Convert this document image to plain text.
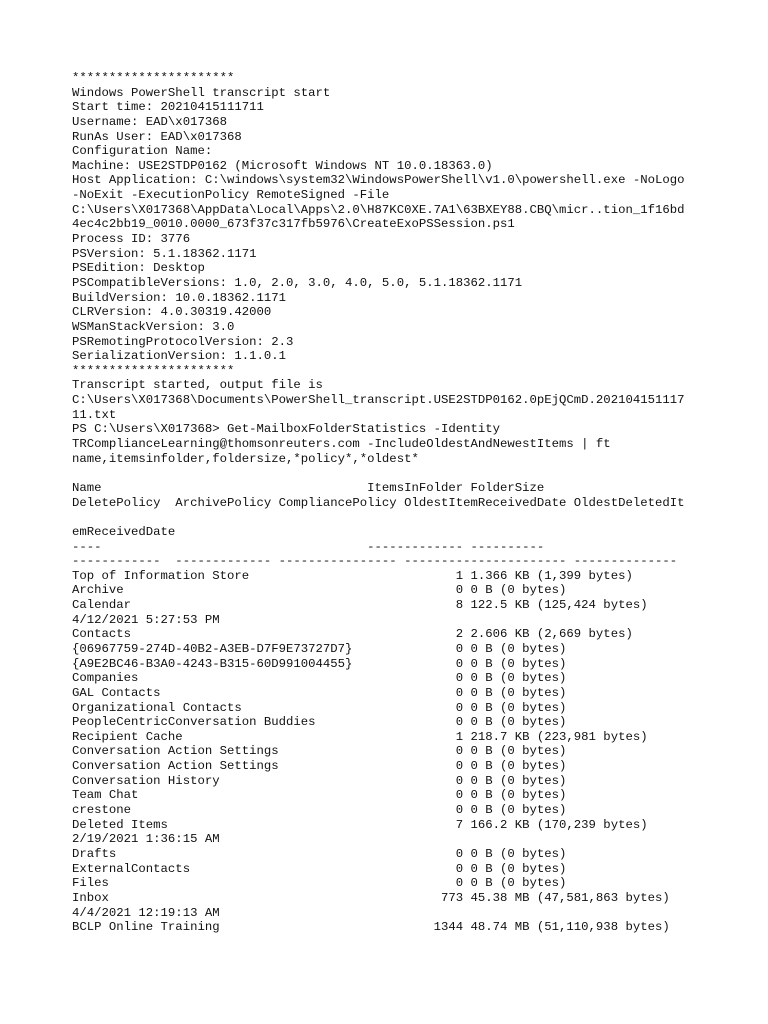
**********************
Windows PowerShell transcript start
Start time: 20210415111711
Username: EAD\x017368
RunAs User: EAD\x017368
Configuration Name:
Machine: USE2STDP0162 (Microsoft Windows NT 10.0.18363.0)
Host Application: C:\windows\system32\WindowsPowerShell\v1.0\powershell.exe -NoLogo
-NoExit -ExecutionPolicy RemoteSigned -File
C:\Users\X017368\AppData\Local\Apps\2.0\H87KC0XE.7A1\63BXEY88.CBQ\micr..tion_1f16bd
4ec4c2bb19_0010.0000_673f37c317fb5976\CreateExoPSSession.ps1
Process ID: 3776
PSVersion: 5.1.18362.1171
PSEdition: Desktop
PSCompatibleVersions: 1.0, 2.0, 3.0, 4.0, 5.0, 5.1.18362.1171
BuildVersion: 10.0.18362.1171
CLRVersion: 4.0.30319.42000
WSManStackVersion: 3.0
PSRemotingProtocolVersion: 2.3
SerializationVersion: 1.1.0.1
**********************
Transcript started, output file is
C:\Users\X017368\Documents\PowerShell_transcript.USE2STDP0162.0pEjQCmD.202104151117
11.txt
PS C:\Users\X017368> Get-MailboxFolderStatistics -Identity
TRComplianceLearning@thomsonreuters.com -IncludeOldestAndNewestItems | ft
name,itemsinfolder,foldersize,*policy*,*oldest*
Name                                    ItemsInFolder FolderSize
DeletePolicy  ArchivePolicy CompliancePolicy OldestItemReceivedDate OldestDeletedIt
emReceivedDate
----                                    ------------- ----------
------------  ------------- ---------------- ---------------------- --------------
Top of Information Store                            1 1.366 KB (1,399 bytes)
Archive                                             0 0 B (0 bytes)
Calendar                                            8 122.5 KB (125,424 bytes)
4/12/2021 5:27:53 PM
Contacts                                            2 2.606 KB (2,669 bytes)
{06967759-274D-40B2-A3EB-D7F9E73727D7}              0 0 B (0 bytes)
{A9E2BC46-B3A0-4243-B315-60D991004455}              0 0 B (0 bytes)
Companies                                           0 0 B (0 bytes)
GAL Contacts                                        0 0 B (0 bytes)
Organizational Contacts                             0 0 B (0 bytes)
PeopleCentricConversation Buddies                   0 0 B (0 bytes)
Recipient Cache                                     1 218.7 KB (223,981 bytes)
Conversation Action Settings                        0 0 B (0 bytes)
Conversation Action Settings                        0 0 B (0 bytes)
Conversation History                                0 0 B (0 bytes)
Team Chat                                           0 0 B (0 bytes)
crestone                                            0 0 B (0 bytes)
Deleted Items                                       7 166.2 KB (170,239 bytes)
2/19/2021 1:36:15 AM
Drafts                                              0 0 B (0 bytes)
ExternalContacts                                    0 0 B (0 bytes)
Files                                               0 0 B (0 bytes)
Inbox                                             773 45.38 MB (47,581,863 bytes)
4/4/2021 12:19:13 AM
BCLP Online Training                             1344 48.74 MB (51,110,938 bytes)
